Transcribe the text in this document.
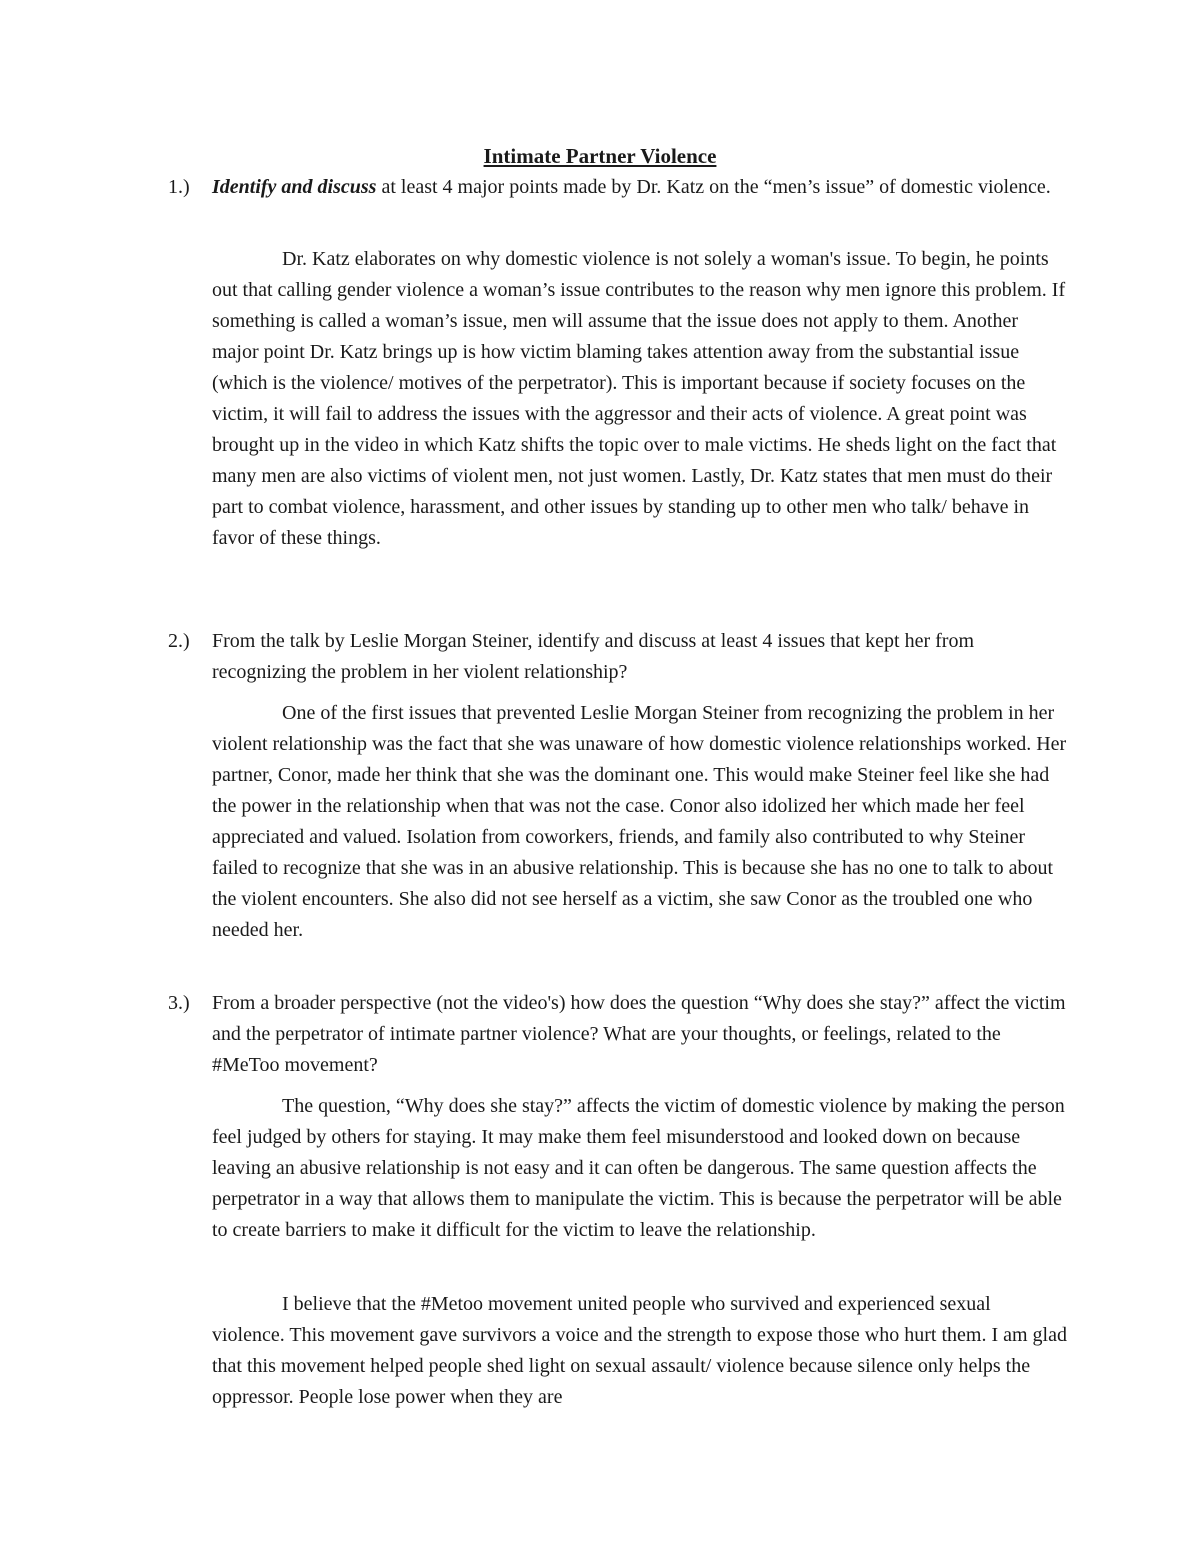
Intimate Partner Violence
1.)	Identify and discuss at least 4 major points made by Dr. Katz on the “men’s issue” of domestic violence.

Dr. Katz elaborates on why domestic violence is not solely a woman's issue. To begin, he points out that calling gender violence a woman’s issue contributes to the reason why men ignore this problem. If something is called a woman’s issue, men will assume that the issue does not apply to them. Another major point Dr. Katz brings up is how victim blaming takes attention away from the substantial issue (which is the violence/ motives of the perpetrator). This is important because if society focuses on the victim, it will fail to address the issues with the aggressor and their acts of violence. A great point was brought up in the video in which Katz shifts the topic over to male victims. He sheds light on the fact that many men are also victims of violent men, not just women. Lastly, Dr. Katz states that men must do their part to combat violence, harassment, and other issues by standing up to other men who talk/ behave in favor of these things.

2.)	From the talk by Leslie Morgan Steiner, identify and discuss at least 4 issues that kept her from recognizing the problem in her violent relationship?

One of the first issues that prevented Leslie Morgan Steiner from recognizing the problem in her violent relationship was the fact that she was unaware of how domestic violence relationships worked. Her partner, Conor, made her think that she was the dominant one. This would make Steiner feel like she had the power in the relationship when that was not the case. Conor also idolized her which made her feel appreciated and valued. Isolation from coworkers, friends, and family also contributed to why Steiner failed to recognize that she was in an abusive relationship. This is because she has no one to talk to about the violent encounters. She also did not see herself as a victim, she saw Conor as the troubled one who needed her.

3.)	From a broader perspective (not the video's) how does the question “Why does she stay?” affect the victim and the perpetrator of intimate partner violence? What are your thoughts, or feelings, related to the #MeToo movement?

The question, “Why does she stay?” affects the victim of domestic violence by making the person feel judged by others for staying. It may make them feel misunderstood and looked down on because leaving an abusive relationship is not easy and it can often be dangerous. The same question affects the perpetrator in a way that allows them to manipulate the victim. This is because the perpetrator will be able to create barriers to make it difficult for the victim to leave the relationship.

I believe that the #Metoo movement united people who survived and experienced sexual violence. This movement gave survivors a voice and the strength to expose those who hurt them. I am glad that this movement helped people shed light on sexual assault/ violence because silence only helps the oppressor. People lose power when they are
